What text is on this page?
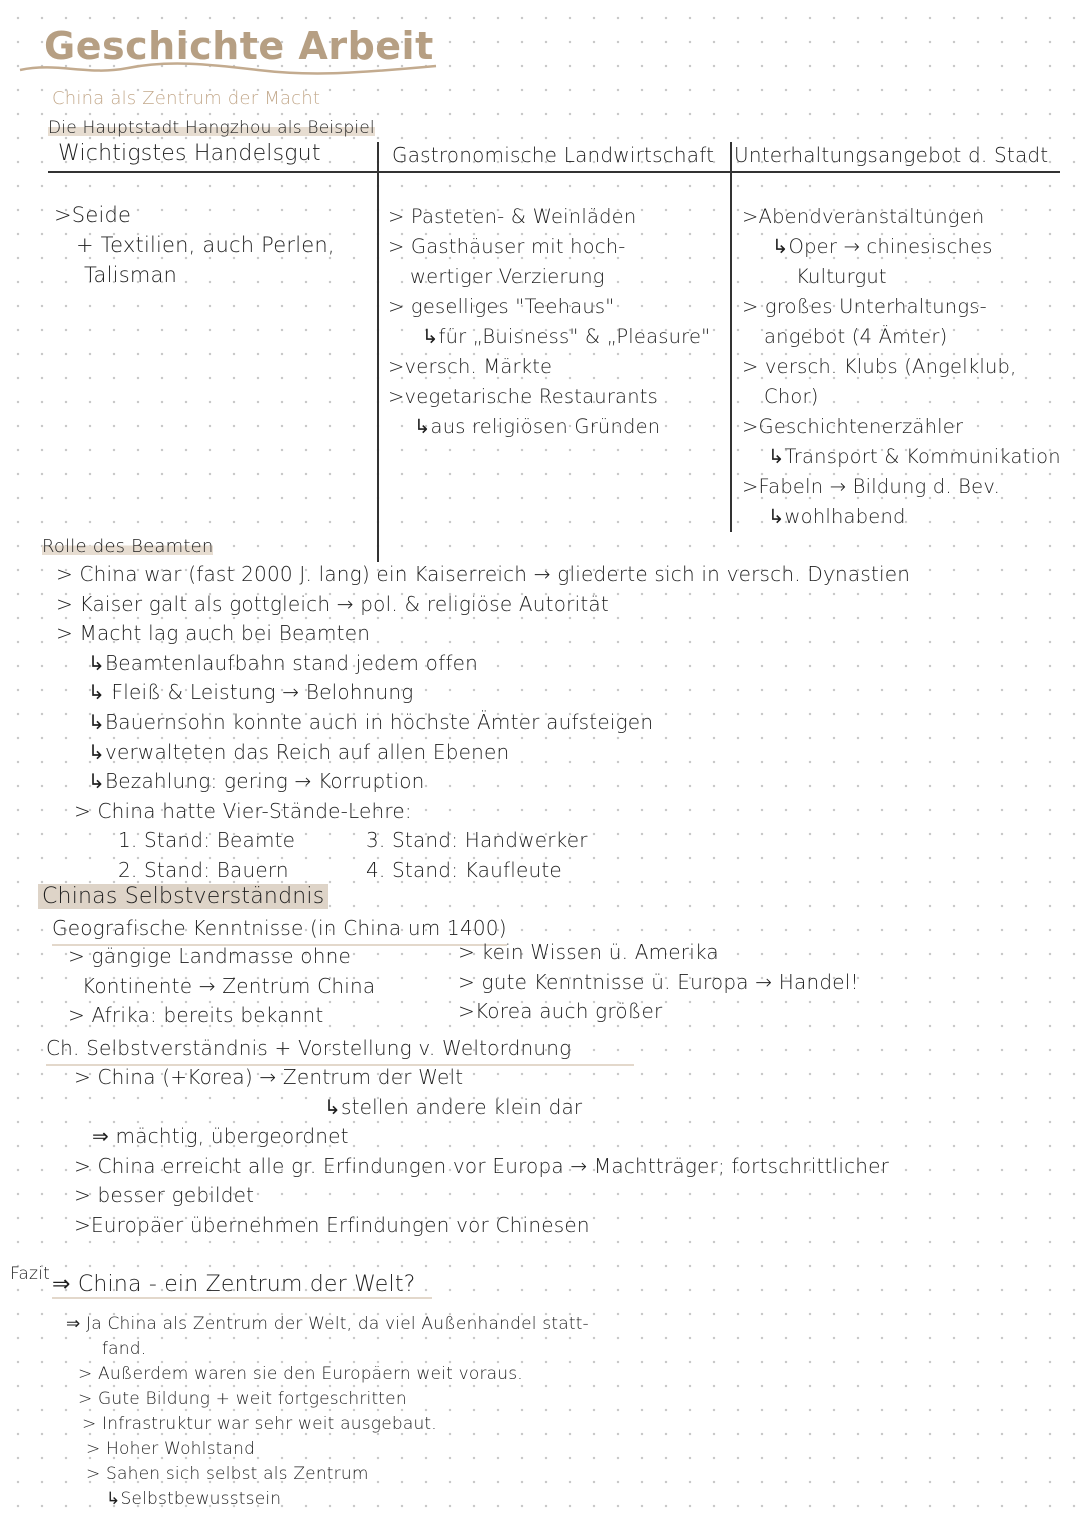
Geschichte Arbeit
China als Zentrum der Macht
Die Hauptstadt Hangzhou als Beispiel
Wichtigstes Handelsgut	Gastronomische Landwirtschaft Unterhaltungsangebot d. Stadt
>Seide
+ Textilien, auch Perlen,
Talisman
> Pasteten- & Weinläden
> Gasthäuser mit hoch-
wertiger Verzierung
> geselliges "Teehaus"
↳für „Buisness" & „Pleasure"
>versch. Märkte
>vegetarische Restaurants
↳aus religiösen Gründen
>Abendveranstaltungen
↳Oper → chinesisches
Kulturgut
> großes Unterhaltungs-
angebot (4 Ämter)
> versch. Klubs (Angelklub,
Chor)
>Geschichtenerzähler
↳Transport & Kommunikation
>Fabeln → Bildung d. Bev.
↳wohlhabend
Rolle des Beamten
> China war (fast 2000 J. lang) ein Kaiserreich → gliederte sich in versch. Dynastien
> Kaiser galt als gottgleich → pol. & religiöse Autorität
> Macht lag auch bei Beamten
↳Beamtenlaufbahn stand jedem offen
↳ Fleiß & Leistung → Belohnung
↳Bauernsohn konnte auch in höchste Ämter aufsteigen
↳verwalteten das Reich auf allen Ebenen
↳Bezahlung: gering → Korruption
> China hatte Vier-Stände-Lehre:
1. Stand: Beamte
2. Stand: Bauern
3. Stand: Handwerker
4. Stand: Kaufleute
Chinas Selbstverständnis
Geografische Kenntnisse (in China um 1400)
> gängige Landmasse ohne
Kontinente → Zentrum China
> Afrika: bereits bekannt
> kein Wissen ü. Amerika
> gute Kenntnisse ü. Europa → Handel!
>Korea auch größer
Ch. Selbstverständnis + Vorstellung v. Weltordnung
> China (+Korea) → Zentrum der Welt
↳stellen andere klein dar
⇒ mächtig, übergeordnet
> China erreicht alle gr. Erfindungen vor Europa → Machtträger; fortschrittlicher
> besser gebildet
>Europäer übernehmen Erfindungen vor Chinesen
Fazit ⇒ China - ein Zentrum der Welt?
⇒ Ja China als Zentrum der Welt, da viel Außenhandel statt-
fand.
> Außerdem waren sie den Europäern weit voraus.
> Gute Bildung + weit fortgeschritten
> Infrastruktur war sehr weit ausgebaut.
> Hoher Wohlstand
> Sahen sich selbst als Zentrum
↳Selbstbewusstsein
